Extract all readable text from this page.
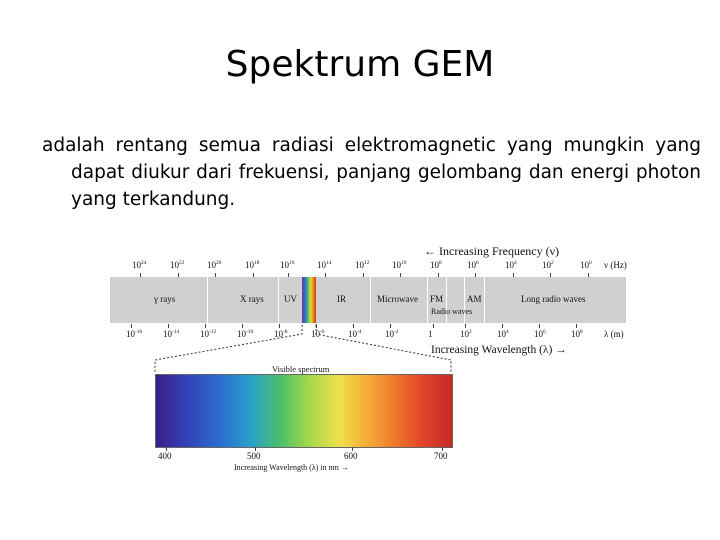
Spektrum GEM
adalah rentang semua radiasi elektromagnetic yang mungkin yang dapat diukur dari frekuensi, panjang gelombang dan energi photon yang terkandung.
← Increasing Frequency (ν)
$10^{24}$	$10^{22}$	$10^{20}$	$10^{18}$ $10^{16}$	$10^{14}$	$10^{12}$	$10^{10}$	$10^8$	$10^6$	$10^4$	$10^2$	$10^0$ ν (Hz)
γ rays	X rays UV	IR	Microwave FM	AM	Long radio waves
Radio waves
$10^{-16}$ $10^{-14}$ $10^{-12}$ $10^{-10}$ $10^{-8}$	$10^{-6}$	$10^{-4}$	$10^{-2}$	1	$10^2$	$10^4$	$10^6$	$10^8$ λ (m)
Increasing Wavelength (λ) →
Visible spectrum
400	500	600	700
Increasing Wavelength (λ) in nm →
